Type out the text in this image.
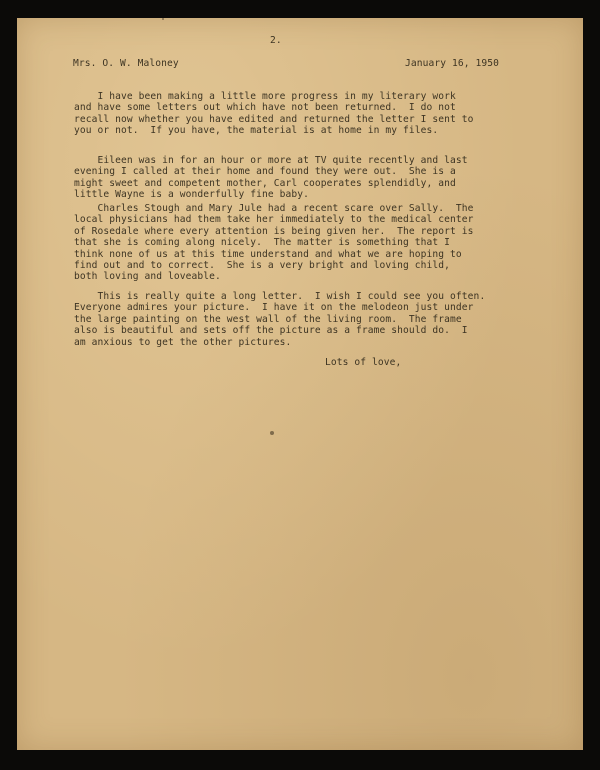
2.
Mrs. O. W. Maloney	January 16, 1950
I have been making a little more progress in my literary work
and have some letters out which have not been returned.  I do not
recall now whether you have edited and returned the letter I sent to
you or not.  If you have, the material is at home in my files.
Eileen was in for an hour or more at TV quite recently and last
evening I called at their home and found they were out.  She is a
might sweet and competent mother, Carl cooperates splendidly, and
little Wayne is a wonderfully fine baby.
Charles Stough and Mary Jule had a recent scare over Sally.  The
local physicians had them take her immediately to the medical center
of Rosedale where every attention is being given her.  The report is
that she is coming along nicely.  The matter is something that I
think none of us at this time understand and what we are hoping to
find out and to correct.  She is a very bright and loving child,
both loving and loveable.
This is really quite a long letter.  I wish I could see you often.
Everyone admires your picture.  I have it on the melodeon just under
the large painting on the west wall of the living room.  The frame
also is beautiful and sets off the picture as a frame should do.  I
am anxious to get the other pictures.
Lots of love,
